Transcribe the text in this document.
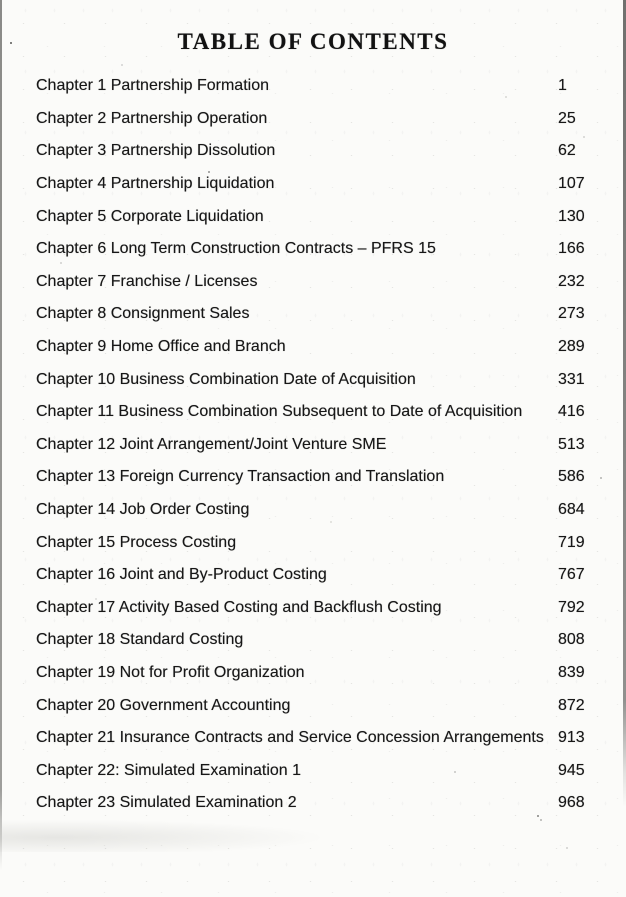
TABLE OF CONTENTS
Chapter 1 Partnership Formation	1
Chapter 2 Partnership Operation	25
Chapter 3 Partnership Dissolution	62
Chapter 4 Partnership Liquidation	107
Chapter 5 Corporate Liquidation	130
Chapter 6 Long Term Construction Contracts – PFRS 15	166
Chapter 7 Franchise / Licenses	232
Chapter 8 Consignment Sales	273
Chapter 9 Home Office and Branch	289
Chapter 10 Business Combination Date of Acquisition	331
Chapter 11 Business Combination Subsequent to Date of Acquisition	416
Chapter 12 Joint Arrangement/Joint Venture SME	513
Chapter 13 Foreign Currency Transaction and Translation	586
Chapter 14 Job Order Costing	684
Chapter 15 Process Costing	719
Chapter 16 Joint and By-Product Costing	767
Chapter 17 Activity Based Costing and Backflush Costing	792
Chapter 18 Standard Costing	808
Chapter 19 Not for Profit Organization	839
Chapter 20 Government Accounting	872
Chapter 21 Insurance Contracts and Service Concession Arrangements 913
Chapter 22: Simulated Examination 1	945
Chapter 23 Simulated Examination 2	968
